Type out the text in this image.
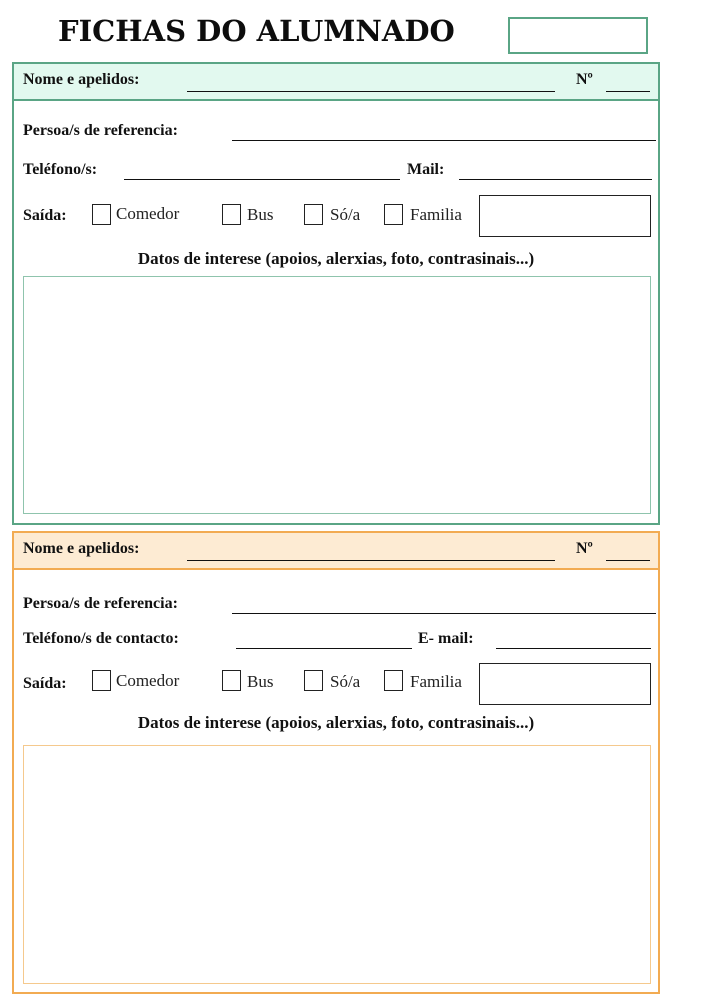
FICHAS DO ALUMNADO
Nome e apelidos:	Nº
Persoa/s de referencia:
Teléfono/s:	Mail:
Saída:	Comedor	Bus	Só/a	Familia
Datos de interese (apoios, alerxias, foto, contrasinais...)
Nome e apelidos:	Nº
Persoa/s de referencia:
Teléfono/s de contacto:	E- mail:
Saída:	Comedor	Bus	Só/a	Familia
Datos de interese (apoios, alerxias, foto, contrasinais...)
